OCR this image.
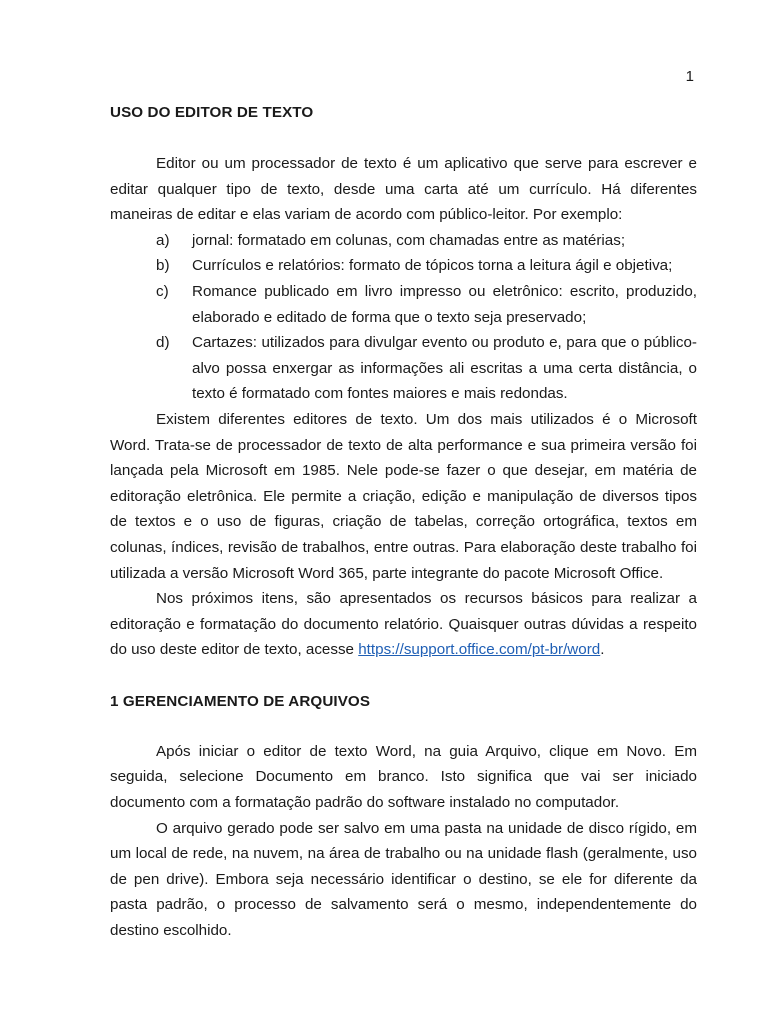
1
USO DO EDITOR DE TEXTO

Editor ou um processador de texto é um aplicativo que serve para escrever e editar qualquer tipo de texto, desde uma carta até um currículo. Há diferentes maneiras de editar e elas variam de acordo com público-leitor. Por exemplo:

a)	jornal: formatado em colunas, com chamadas entre as matérias;
b)	Currículos e relatórios: formato de tópicos torna a leitura ágil e objetiva;
c)	Romance publicado em livro impresso ou eletrônico: escrito, produzido, elaborado e editado de forma que o texto seja preservado;
d)	Cartazes: utilizados para divulgar evento ou produto e, para que o público-alvo possa enxergar as informações ali escritas a uma certa distância, o texto é formatado com fontes maiores e mais redondas.

Existem diferentes editores de texto. Um dos mais utilizados é o Microsoft Word. Trata-se de processador de texto de alta performance e sua primeira versão foi lançada pela Microsoft em 1985. Nele pode-se fazer o que desejar, em matéria de editoração eletrônica. Ele permite a criação, edição e manipulação de diversos tipos de textos e o uso de figuras, criação de tabelas, correção ortográfica, textos em colunas, índices, revisão de trabalhos, entre outras. Para elaboração deste trabalho foi utilizada a versão Microsoft Word 365, parte integrante do pacote Microsoft Office.

Nos próximos itens, são apresentados os recursos básicos para realizar a editoração e formatação do documento relatório. Quaisquer outras dúvidas a respeito do uso deste editor de texto, acesse https://support.office.com/pt-br/word.

1 GERENCIAMENTO DE ARQUIVOS

Após iniciar o editor de texto Word, na guia Arquivo, clique em Novo. Em seguida, selecione Documento em branco. Isto significa que vai ser iniciado documento com a formatação padrão do software instalado no computador.

O arquivo gerado pode ser salvo em uma pasta na unidade de disco rígido, em um local de rede, na nuvem, na área de trabalho ou na unidade flash (geralmente, uso de pen drive). Embora seja necessário identificar o destino, se ele for diferente da pasta padrão, o processo de salvamento será o mesmo, independentemente do destino escolhido.
